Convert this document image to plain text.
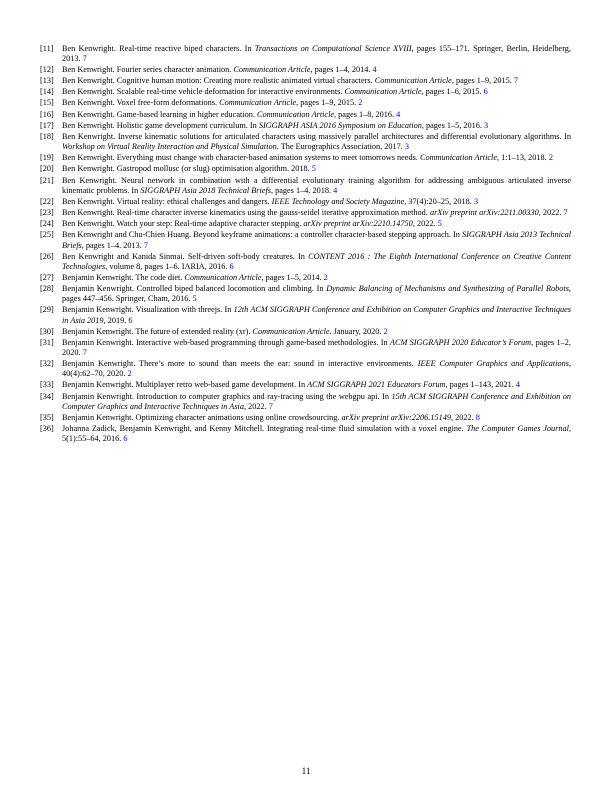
[11] Ben Kenwright. Real-time reactive biped characters. In Transactions on Computational Science XVIII, pages 155–171. Springer, Berlin, Heidelberg, 2013. 7
[12] Ben Kenwright. Fourier series character animation. Communication Article, pages 1–4, 2014. 4
[13] Ben Kenwright. Cognitive human motion: Creating more realistic animated virtual characters. Communication Article, pages 1–9, 2015. 7
[14] Ben Kenwright. Scalable real-time vehicle deformation for interactive environments. Communication Article, pages 1–6, 2015. 6
[15] Ben Kenwright. Voxel free-form deformations. Communication Article, pages 1–9, 2015. 2
[16] Ben Kenwright. Game-based learning in higher education. Communication Article, pages 1–8, 2016. 4
[17] Ben Kenwright. Holistic game development curriculum. In SIGGRAPH ASIA 2016 Symposium on Education, pages 1–5, 2016. 3
[18] Ben Kenwright. Inverse kinematic solutions for articulated characters using massively parallel architectures and differential evolutionary algorithms. In Workshop on Virtual Reality Interaction and Physical Simulation. The Eurographics Association, 2017. 3
[19] Ben Kenwright. Everything must change with character-based animation systems to meet tomorrows needs. Communication Article, 1:1–13, 2018. 2
[20] Ben Kenwright. Gastropod mollusc (or slug) optimisation algorithm. 2018. 5
[21] Ben Kenwright. Neural network in combination with a differential evolutionary training algorithm for addressing ambiguous articulated inverse kinematic problems. In SIGGRAPH Asia 2018 Technical Briefs, pages 1–4. 2018. 4
[22] Ben Kenwright. Virtual reality: ethical challenges and dangers. IEEE Technology and Society Magazine, 37(4):20–25, 2018. 3
[23] Ben Kenwright. Real-time character inverse kinematics using the gauss-seidel iterative approximation method. arXiv preprint arXiv:2211.00330, 2022. 7
[24] Ben Kenwright. Watch your step: Real-time adaptive character stepping. arXiv preprint arXiv:2210.14750, 2022. 5
[25] Ben Kenwright and Chu-Chien Huang. Beyond keyframe animations: a controller character-based stepping approach. In SIGGRAPH Asia 2013 Technical Briefs, pages 1–4. 2013. 7
[26] Ben Kenwright and Kanida Sinmai. Self-driven soft-body creatures. In CONTENT 2016 : The Eighth International Conference on Creative Content Technologies, volume 8, pages 1–6. IARIA, 2016. 6
[27] Benjamin Kenwright. The code diet. Communication Article, pages 1–5, 2014. 2
[28] Benjamin Kenwright. Controlled biped balanced locomotion and climbing. In Dynamic Balancing of Mechanisms and Synthesizing of Parallel Robots, pages 447–456. Springer, Cham, 2016. 5
[29] Benjamin Kenwright. Visualization with threejs. In 12th ACM SIGGRAPH Conference and Exhibition on Computer Graphics and Interactive Techniques in Asia 2019, 2019. 6
[30] Benjamin Kenwright. The future of extended reality (xr). Communication Article. January, 2020. 2
[31] Benjamin Kenwright. Interactive web-based programming through game-based methodologies. In ACM SIGGRAPH 2020 Educator’s Forum, pages 1–2, 2020. 7
[32] Benjamin Kenwright. There’s more to sound than meets the ear: sound in interactive environments. IEEE Computer Graphics and Applications, 40(4):62–70, 2020. 2
[33] Benjamin Kenwright. Multiplayer retro web-based game development. In ACM SIGGRAPH 2021 Educators Forum, pages 1–143, 2021. 4
[34] Benjamin Kenwright. Introduction to computer graphics and ray-tracing using the webgpu api. In 15th ACM SIGGRAPH Conference and Exhibition on Computer Graphics and Interactive Techniques in Asia, 2022. 7
[35] Benjamin Kenwright. Optimizing character animations using online crowdsourcing. arXiv preprint arXiv:2206.15149, 2022. 8
[36] Johanna Zadick, Benjamin Kenwright, and Kenny Mitchell. Integrating real-time fluid simulation with a voxel engine. The Computer Games Journal, 5(1):55–64, 2016. 6
11
